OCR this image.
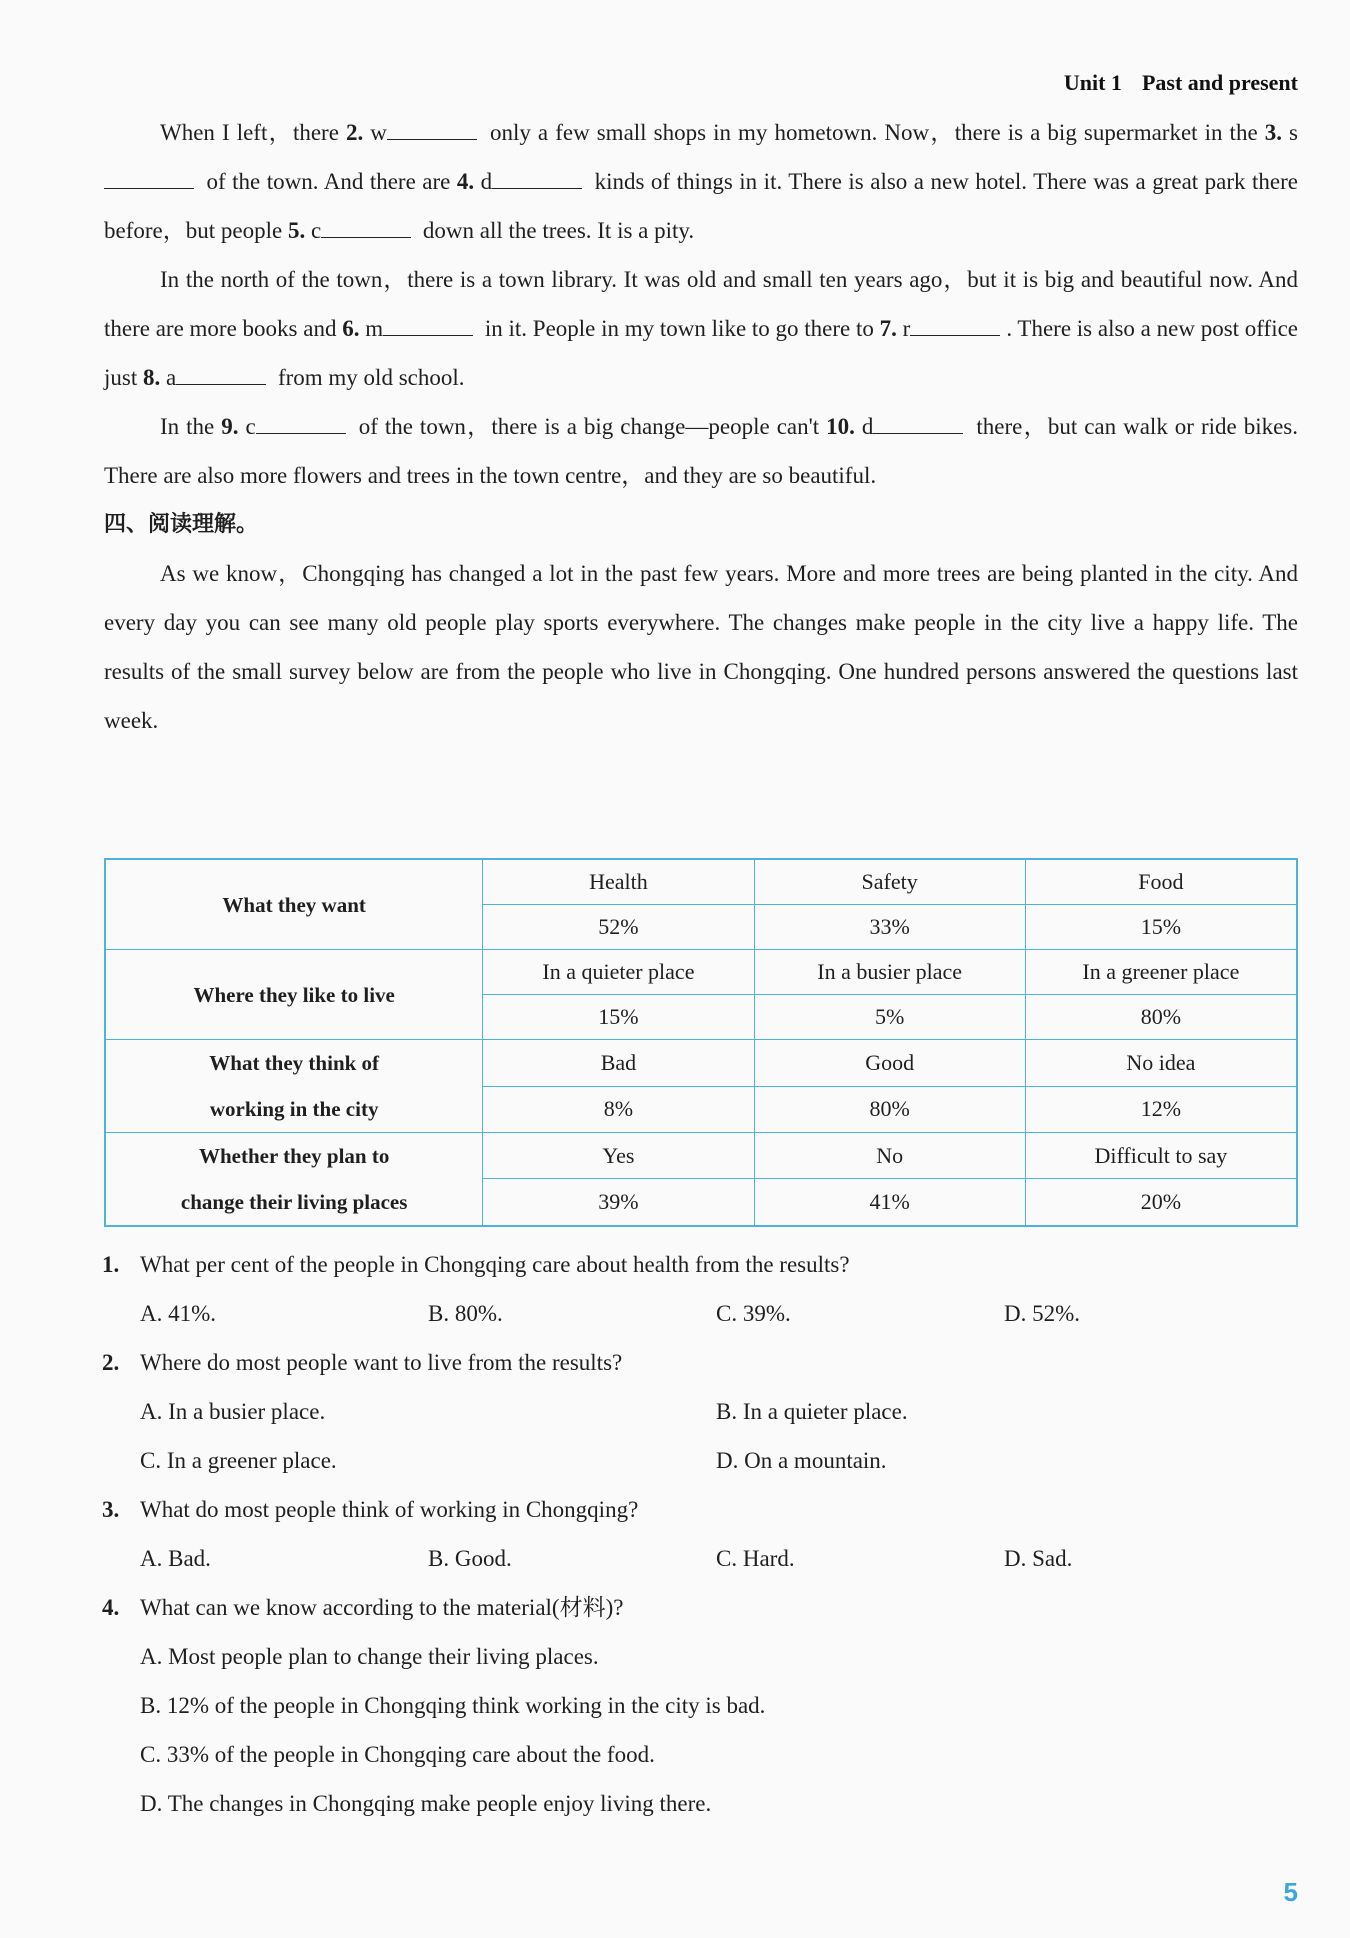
Unit 1 Past and present

When I left，there 2. w	only a few small shops in my hometown. Now，there is a big supermarket in the 3. s of the town. And there are 4. d	kinds of things in it. There is also a new hotel. There was a great park there before，but people 5. c	down all the trees. It is a pity.

In the north of the town，there is a town library. It was old and small ten years ago，but it is big and beautiful now. And there are more books and 6. m	in it. People in my town like to go there to 7. r	. There is also a new post office just 8. a	from my old school.

In the 9. c	of the town，there is a big change—people can't 10. d	there，but can walk or ride bikes. There are also more flowers and trees in the town centre，and they are so beautiful.

四、阅读理解。

As we know，Chongqing has changed a lot in the past few years. More and more trees are being planted in the city. And every day you can see many old people play sports everywhere. The changes make people in the city live a happy life. The results of the small survey below are from the people who live in Chongqing. One hundred persons answered the questions last week.

What they want	Health	Safety	Food
	52%	33%	15%
Where they like to live	In a quieter place	In a busier place	In a greener place
	15%	5%	80%

What they think of
working in the city	Bad	Good	No idea
	8%	80%	12%

Whether they plan to
change their living places	Yes	No	Difficult to say
	39%	41%	20%
1. What per cent of the people in Chongqing care about health from the results?
A. 41%.	B. 80%.	C. 39%.	D. 52%.
2. Where do most people want to live from the results?
A. In a busier place.	B. In a quieter place.
C. In a greener place.	D. On a mountain.
3. What do most people think of working in Chongqing?
A. Bad.	B. Good.	C. Hard.	D. Sad.
4. What can we know according to the material(材料)?
A. Most people plan to change their living places.
B. 12% of the people in Chongqing think working in the city is bad.
C. 33% of the people in Chongqing care about the food.
D. The changes in Chongqing make people enjoy living there.
5
